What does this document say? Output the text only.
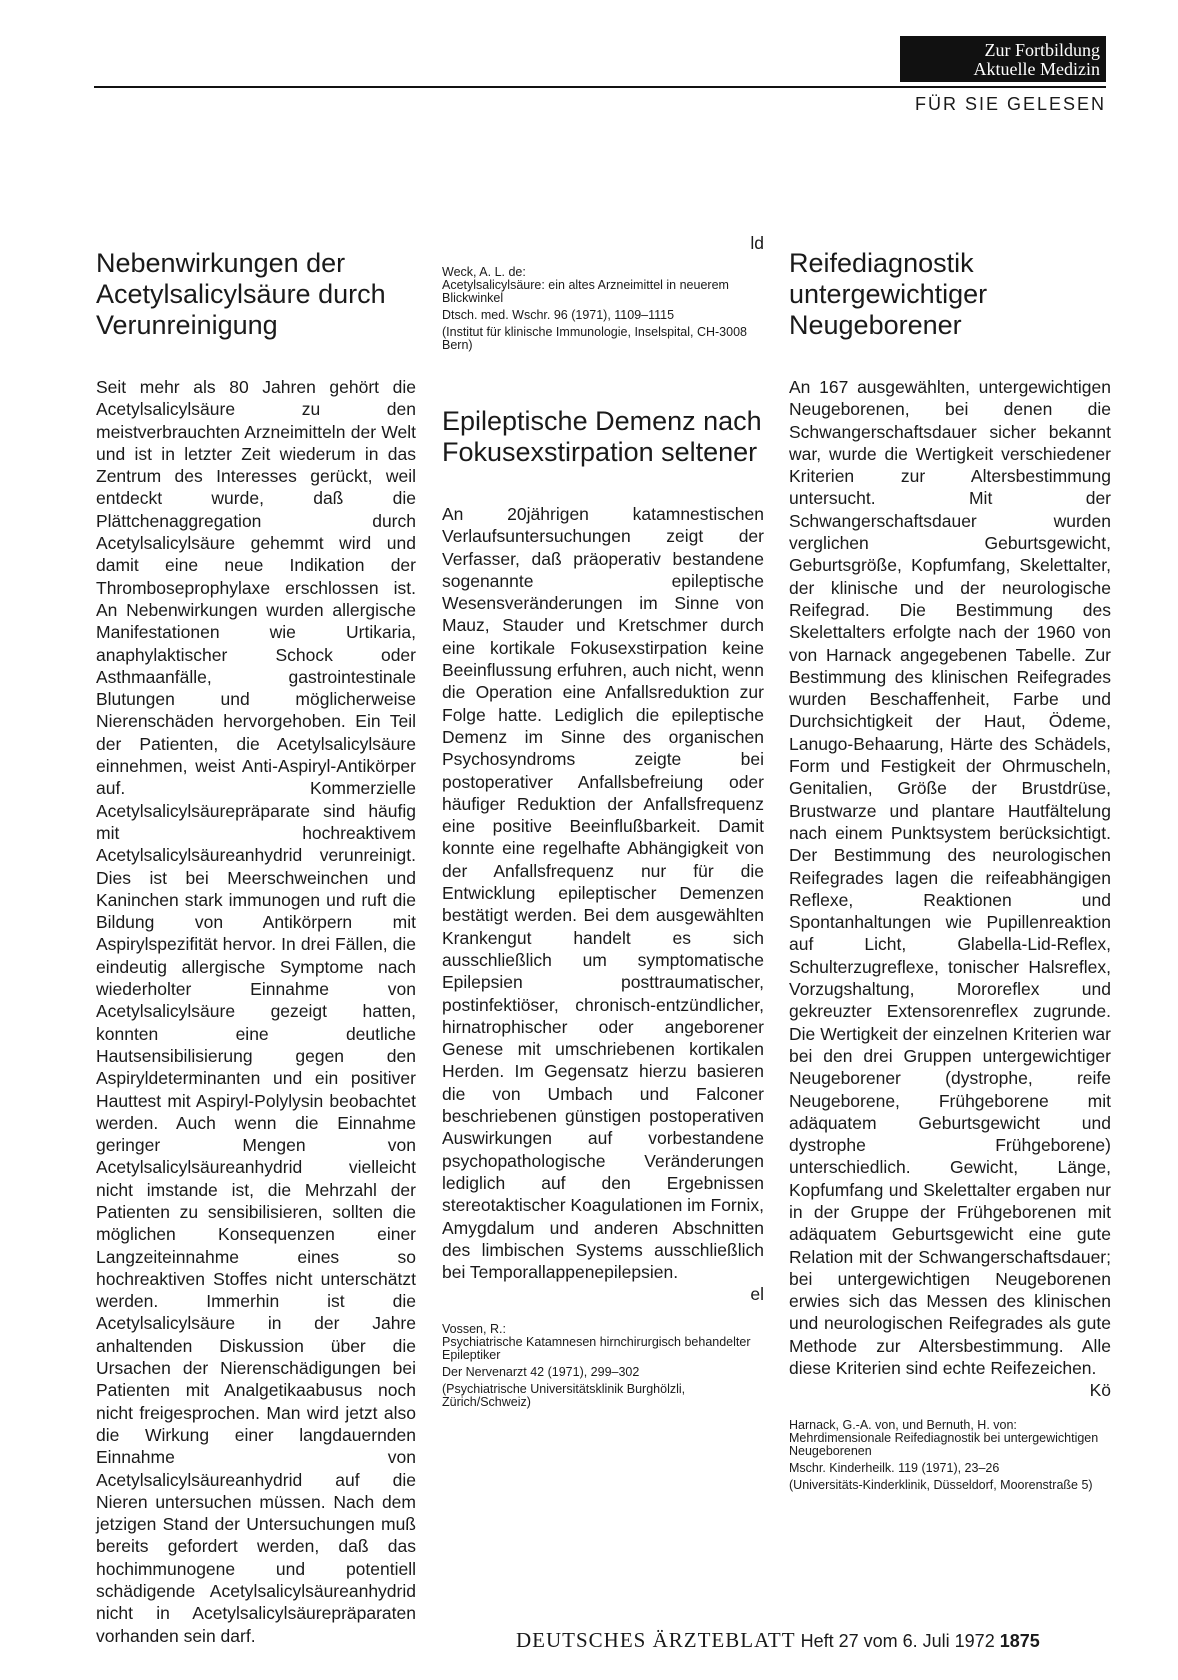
Zur Fortbildung
Aktuelle Medizin
FÜR SIE GELESEN
Nebenwirkungen der Acetylsalicylsäure durch Verunreinigung

Seit mehr als 80 Jahren gehört die Acetylsalicylsäure zu den meistverbrauchten Arzneimitteln der Welt und ist in letzter Zeit wiederum in das Zentrum des Interesses gerückt, weil entdeckt wurde, daß die Plättchenaggregation durch Acetylsalicylsäure gehemmt wird und damit eine neue Indikation der Thromboseprophylaxe erschlossen ist. An Nebenwirkungen wurden allergische Manifestationen wie Urtikaria, anaphylaktischer Schock oder Asthmaanfälle, gastrointestinale Blutungen und möglicherweise Nierenschäden hervorgehoben. Ein Teil der Patienten, die Acetylsalicylsäure einnehmen, weist Anti-Aspiryl-Antikörper auf. Kommerzielle Acetylsalicylsäurepräparate sind häufig mit hochreaktivem Acetylsalicylsäureanhydrid verunreinigt. Dies ist bei Meerschweinchen und Kaninchen stark immunogen und ruft die Bildung von Antikörpern mit Aspirylspezifität hervor. In drei Fällen, die eindeutig allergische Symptome nach wiederholter Einnahme von Acetylsalicylsäure gezeigt hatten, konnten eine deutliche Hautsensibilisierung gegen den Aspiryldeterminanten und ein positiver Hauttest mit Aspiryl-Polylysin beobachtet werden. Auch wenn die Einnahme geringer Mengen von Acetylsalicylsäureanhydrid vielleicht nicht imstande ist, die Mehrzahl der Patienten zu sensibilisieren, sollten die möglichen Konsequenzen einer Langzeiteinnahme eines so hochreaktiven Stoffes nicht unterschätzt werden. Immerhin ist die Acetylsalicylsäure in der Jahre anhaltenden Diskussion über die Ursachen der Nierenschädigungen bei Patienten mit Analgetikaabusus noch nicht freigesprochen. Man wird jetzt also die Wirkung einer langdauernden Einnahme von Acetylsalicylsäureanhydrid auf die Nieren untersuchen müssen. Nach dem jetzigen Stand der Untersuchungen muß bereits gefordert werden, daß das hochimmunogene und potentiell schädigende Acetylsalicylsäureanhydrid nicht in Acetylsalicylsäurepräparaten vorhanden sein darf.

ld

Weck, A. L. de:
Acetylsalicylsäure: ein altes Arzneimittel in neuerem Blickwinkel
Dtsch. med. Wschr. 96 (1971), 1109–1115
(Institut für klinische Immunologie, Inselspital, CH-3008 Bern)
Epileptische Demenz nach Fokusexstirpation seltener

An 20jährigen katamnestischen Verlaufsuntersuchungen zeigt der Verfasser, daß präoperativ bestandene sogenannte epileptische Wesensveränderungen im Sinne von Mauz, Stauder und Kretschmer durch eine kortikale Fokusexstirpation keine Beeinflussung erfuhren, auch nicht, wenn die Operation eine Anfallsreduktion zur Folge hatte. Lediglich die epileptische Demenz im Sinne des organischen Psychosyndroms zeigte bei postoperativer Anfallsbefreiung oder häufiger Reduktion der Anfallsfrequenz eine positive Beeinflußbarkeit. Damit konnte eine regelhafte Abhängigkeit von der Anfallsfrequenz nur für die Entwicklung epileptischer Demenzen bestätigt werden. Bei dem ausgewählten Krankengut handelt es sich ausschließlich um symptomatische Epilepsien posttraumatischer, postinfektiöser, chronisch-entzündlicher, hirnatrophischer oder angeborener Genese mit umschriebenen kortikalen Herden. Im Gegensatz hierzu basieren die von Umbach und Falconer beschriebenen günstigen postoperativen Auswirkungen auf vorbestandene psychopathologische Veränderungen lediglich auf den Ergebnissen stereotaktischer Koagulationen im Fornix, Amygdalum und anderen Abschnitten des limbischen Systems ausschließlich bei Temporallappenepilepsien.

el

Vossen, R.:
Psychiatrische Katamnesen hirnchirurgisch behandelter Epileptiker
Der Nervenarzt 42 (1971), 299–302
(Psychiatrische Universitätsklinik Burghölzli, Zürich/Schweiz)
Reifediagnostik untergewichtiger Neugeborener

An 167 ausgewählten, untergewichtigen Neugeborenen, bei denen die Schwangerschaftsdauer sicher bekannt war, wurde die Wertigkeit verschiedener Kriterien zur Altersbestimmung untersucht. Mit der Schwangerschaftsdauer wurden verglichen Geburtsgewicht, Geburtsgröße, Kopfumfang, Skelettalter, der klinische und der neurologische Reifegrad. Die Bestimmung des Skelettalters erfolgte nach der 1960 von von Harnack angegebenen Tabelle. Zur Bestimmung des klinischen Reifegrades wurden Beschaffenheit, Farbe und Durchsichtigkeit der Haut, Ödeme, Lanugo-Behaarung, Härte des Schädels, Form und Festigkeit der Ohrmuscheln, Genitalien, Größe der Brustdrüse, Brustwarze und plantare Hautfältelung nach einem Punktsystem berücksichtigt. Der Bestimmung des neurologischen Reifegrades lagen die reifeabhängigen Reflexe, Reaktionen und Spontanhaltungen wie Pupillenreaktion auf Licht, Glabella-Lid-Reflex, Schulterzugreflexe, tonischer Halsreflex, Vorzugshaltung, Mororeflex und gekreuzter Extensorenreflex zugrunde. Die Wertigkeit der einzelnen Kriterien war bei den drei Gruppen untergewichtiger Neugeborener (dystrophe, reife Neugeborene, Frühgeborene mit adäquatem Geburtsgewicht und dystrophe Frühgeborene) unterschiedlich. Gewicht, Länge, Kopfumfang und Skelettalter ergaben nur in der Gruppe der Frühgeborenen mit adäquatem Geburtsgewicht eine gute Relation mit der Schwangerschaftsdauer; bei untergewichtigen Neugeborenen erwies sich das Messen des klinischen und neurologischen Reifegrades als gute Methode zur Altersbestimmung. Alle diese Kriterien sind echte Reifezeichen.

Kö

Harnack, G.-A. von, und Bernuth, H. von:
Mehrdimensionale Reifediagnostik bei untergewichtigen Neugeborenen
Mschr. Kinderheilk. 119 (1971), 23–26
(Universitäts-Kinderklinik, Düsseldorf, Moorenstraße 5)
DEUTSCHES ÄRZTEBLATT Heft 27 vom 6. Juli 1972 1875
